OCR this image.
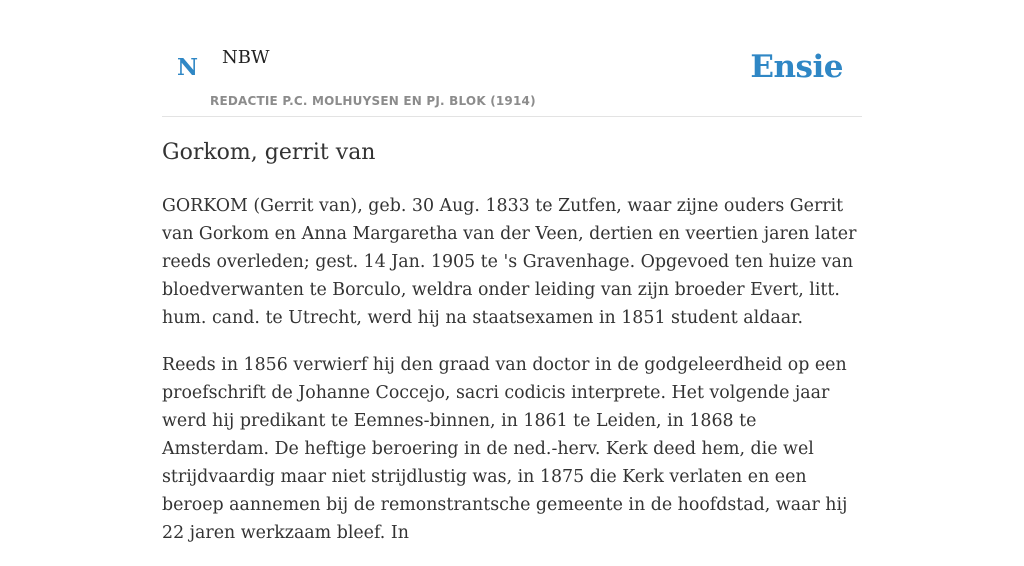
N NBW
REDACTIE P.C. MOLHUYSEN EN PJ. BLOK (1914)
Ensie
Gorkom, gerrit van

GORKOM (Gerrit van), geb. 30 Aug. 1833 te Zutfen, waar zijne ouders Gerrit van Gorkom en Anna Margaretha van der Veen, dertien en veertien jaren later reeds overleden; gest. 14 Jan. 1905 te 's Gravenhage. Opgevoed ten huize van bloedverwanten te Borculo, weldra onder leiding van zijn broeder Evert, litt. hum. cand. te Utrecht, werd hij na staatsexamen in 1851 student aldaar.

Reeds in 1856 verwierf hij den graad van doctor in de godgeleerdheid op een proefschrift de Johanne Coccejo, sacri codicis interprete. Het volgende jaar werd hij predikant te Eemnes-binnen, in 1861 te Leiden, in 1868 te Amsterdam. De heftige beroering in de ned.-herv. Kerk deed hem, die wel strijdvaardig maar niet strijdlustig was, in 1875 die Kerk verlaten en een beroep aannemen bij de remonstrantsche gemeente in de hoofdstad, waar hij 22 jaren werkzaam bleef. In
